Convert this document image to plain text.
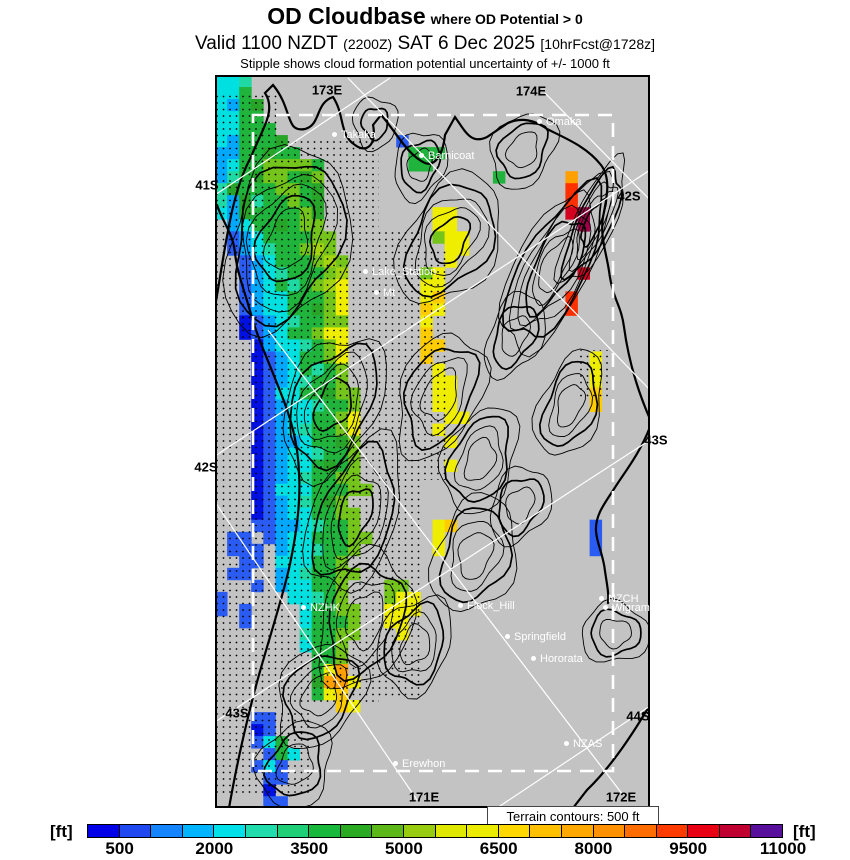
OD Cloudbase where OD Potential > 0
Valid 1100 NZDT (2200Z) SAT 6 Dec 2025 [10hrFcst@1728z]
Stipple shows cloud formation potential uncertainty of +/- 1000 ft
Takaka
Barnicoat
Omaka
Lake_Station
Mt
NZHK	Flock_Hill
Springfield
Hororata
NZCH
Wigram
NZAS
Erewhon
173E	174E
41S
42S
42S
43S
43S
44S
171E	172E
Terrain contours: 500 ft
[ft]	[ft]
500	2000	3500	5000	6500	8000	9500	11000
